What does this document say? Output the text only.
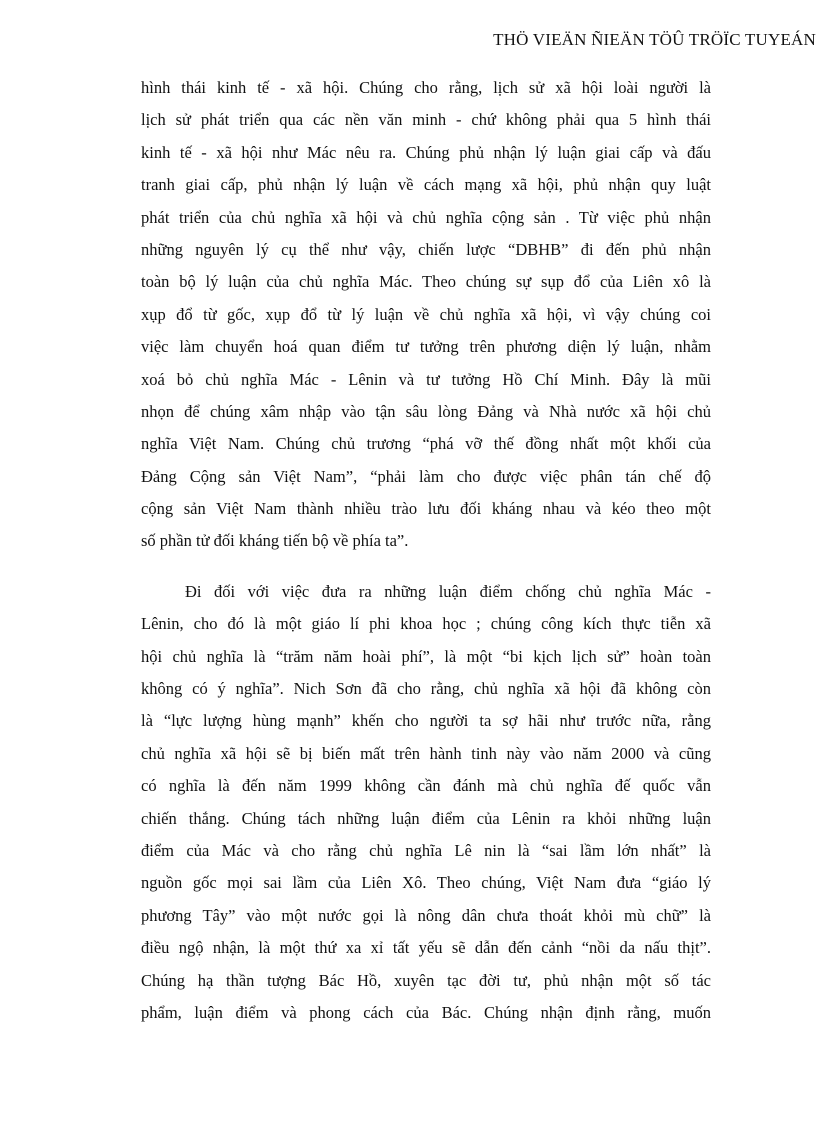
THÖ VIEÄN ÑIEÄN TÖÛ TRÖÏC TUYEÁN
hình thái kinh tế - xã hội. Chúng cho rằng, lịch sử xã hội loài người là
lịch sử phát triển qua các nền văn minh - chứ không phải qua 5 hình thái
kinh tế - xã hội như Mác nêu ra. Chúng phủ nhận lý luận giai cấp và đấu
tranh giai cấp, phủ nhận lý luận về cách mạng xã hội, phủ nhận quy luật
phát triển của chủ nghĩa xã hội và chủ nghĩa cộng sản . Từ việc phủ nhận
những nguyên lý cụ thể như vậy, chiến lược “DBHB” đi đến phủ nhận
toàn bộ lý luận của chủ nghĩa Mác. Theo chúng sự sụp đổ của Liên xô là
xụp đổ từ gốc, xụp đổ từ lý luận về chủ nghĩa xã hội, vì vậy chúng coi
việc làm chuyển hoá quan điểm tư tưởng trên phương diện lý luận, nhằm
xoá bỏ chủ nghĩa Mác - Lênin và tư tưởng Hồ Chí Minh. Đây là mũi
nhọn để chúng xâm nhập vào tận sâu lòng Đảng và Nhà nước xã hội chủ
nghĩa Việt Nam. Chúng chủ trương “phá vỡ thế đồng nhất một khối của
Đảng Cộng sản Việt Nam”, “phải làm cho được việc phân tán chế độ
cộng sản Việt Nam thành nhiều trào lưu đối kháng nhau và kéo theo một
số phần tử đối kháng tiến bộ về phía ta”.
Đi đối với việc đưa ra những luận điểm chống chủ nghĩa Mác -
Lênin, cho đó là một giáo lí phi khoa học ; chúng công kích thực tiễn xã
hội chủ nghĩa là “trăm năm hoài phí”, là một “bi kịch lịch sử” hoàn toàn
không có ý nghĩa”. Nich Sơn đã cho rằng, chủ nghĩa xã hội đã không còn
là “lực lượng hùng mạnh” khến cho người ta sợ hãi như trước nữa, rằng
chủ nghĩa xã hội sẽ bị biến mất trên hành tinh này vào năm 2000 và cũng
có nghĩa là đến năm 1999 không cần đánh mà chủ nghĩa đế quốc vẫn
chiến thắng. Chúng tách những luận điểm của Lênin ra khỏi những luận
điểm của Mác và cho rằng chủ nghĩa Lê nin là “sai lầm lớn nhất” là
nguồn gốc mọi sai lầm của Liên Xô. Theo chúng, Việt Nam đưa “giáo lý
phương Tây” vào một nước gọi là nông dân chưa thoát khỏi mù chữ” là
điều ngộ nhận, là một thứ xa xỉ tất yếu sẽ dẫn đến cảnh “nồi da nấu thịt”.
Chúng hạ thần tượng Bác Hồ, xuyên tạc đời tư, phủ nhận một số tác
phẩm, luận điểm và phong cách của Bác. Chúng nhận định rằng, muốn
